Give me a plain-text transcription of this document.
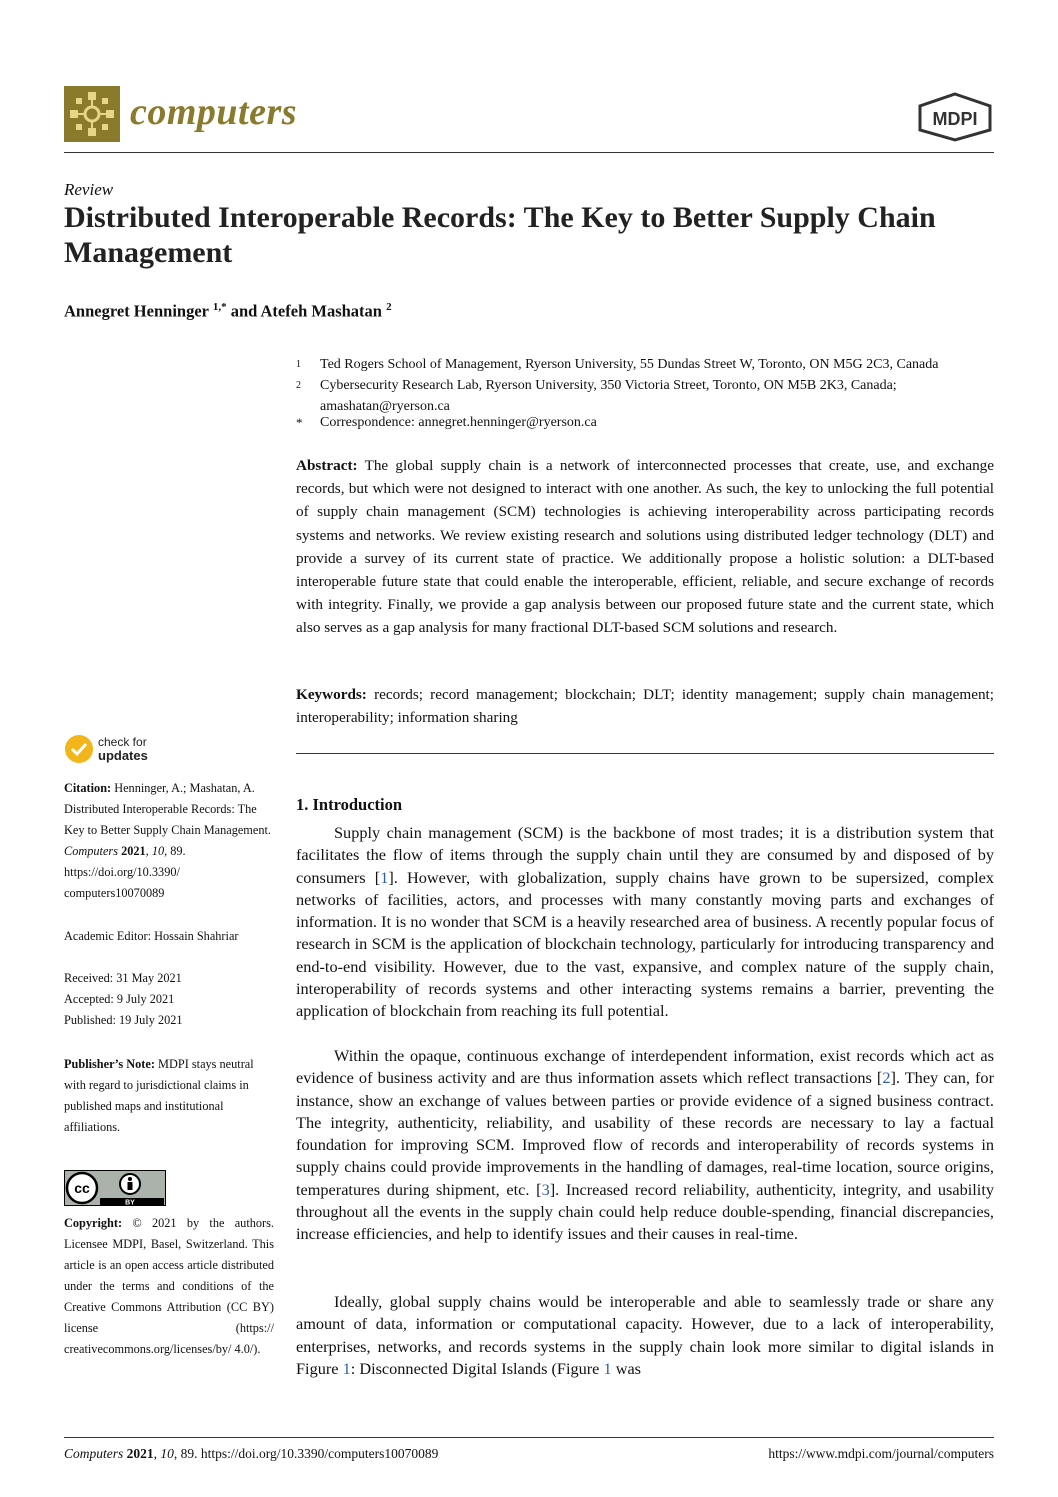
computers	MDPI
Review
Distributed Interoperable Records: The Key to Better Supply Chain Management
Annegret Henninger $^{1,*}$ and Atefeh Mashatan $^2$
1 Ted Rogers School of Management, Ryerson University, 55 Dundas Street W, Toronto, ON M5G 2C3, Canada
2 Cybersecurity Research Lab, Ryerson University, 350 Victoria Street, Toronto, ON M5B 2K3, Canada; amashatan@ryerson.ca
* Correspondence: annegret.henninger@ryerson.ca
Abstract: The global supply chain is a network of interconnected processes that create, use, and exchange records, but which were not designed to interact with one another. As such, the key to unlocking the full potential of supply chain management (SCM) technologies is achieving interoperability across participating records systems and networks. We review existing research and solutions using distributed ledger technology (DLT) and provide a survey of its current state of practice. We additionally propose a holistic solution: a DLT-based interoperable future state that could enable the interoperable, efficient, reliable, and secure exchange of records with integrity. Finally, we provide a gap analysis between our proposed future state and the current state, which also serves as a gap analysis for many fractional DLT-based SCM solutions and research.
Keywords: records; record management; blockchain; DLT; identity management; supply chain management; interoperability; information sharing
check for
updates
Citation: Henninger, A.; Mashatan, A. Distributed Interoperable Records: The Key to Better Supply Chain Management. Computers 2021, 10, 89. https://doi.org/10.3390/ computers10070089
Academic Editor: Hossain Shahriar
Received: 31 May 2021
Accepted: 9 July 2021
Published: 19 July 2021
Publisher’s Note: MDPI stays neutral with regard to jurisdictional claims in published maps and institutional affiliations.
cc
BY
Copyright: © 2021 by the authors. Licensee MDPI, Basel, Switzerland. This article is an open access article distributed under the terms and conditions of the Creative Commons Attribution (CC BY) license (https:// creativecommons.org/licenses/by/ 4.0/).
1. Introduction
Supply chain management (SCM) is the backbone of most trades; it is a distribution system that facilitates the flow of items through the supply chain until they are consumed by and disposed of by consumers [1]. However, with globalization, supply chains have grown to be supersized, complex networks of facilities, actors, and processes with many constantly moving parts and exchanges of information. It is no wonder that SCM is a heavily researched area of business. A recently popular focus of research in SCM is the application of blockchain technology, particularly for introducing transparency and end-to-end visibility. However, due to the vast, expansive, and complex nature of the supply chain, interoperability of records systems and other interacting systems remains a barrier, preventing the application of blockchain from reaching its full potential.
Within the opaque, continuous exchange of interdependent information, exist records which act as evidence of business activity and are thus information assets which reflect transactions [2]. They can, for instance, show an exchange of values between parties or provide evidence of a signed business contract. The integrity, authenticity, reliability, and usability of these records are necessary to lay a factual foundation for improving SCM. Improved flow of records and interoperability of records systems in supply chains could provide improvements in the handling of damages, real-time location, source origins, temperatures during shipment, etc. [3]. Increased record reliability, authenticity, integrity, and usability throughout all the events in the supply chain could help reduce double-spending, financial discrepancies, increase efficiencies, and help to identify issues and their causes in real-time.
Ideally, global supply chains would be interoperable and able to seamlessly trade or share any amount of data, information or computational capacity. However, due to a lack of interoperability, enterprises, networks, and records systems in the supply chain look more similar to digital islands in Figure 1: Disconnected Digital Islands (Figure 1 was
Computers 2021, 10, 89. https://doi.org/10.3390/computers10070089	https://www.mdpi.com/journal/computers
